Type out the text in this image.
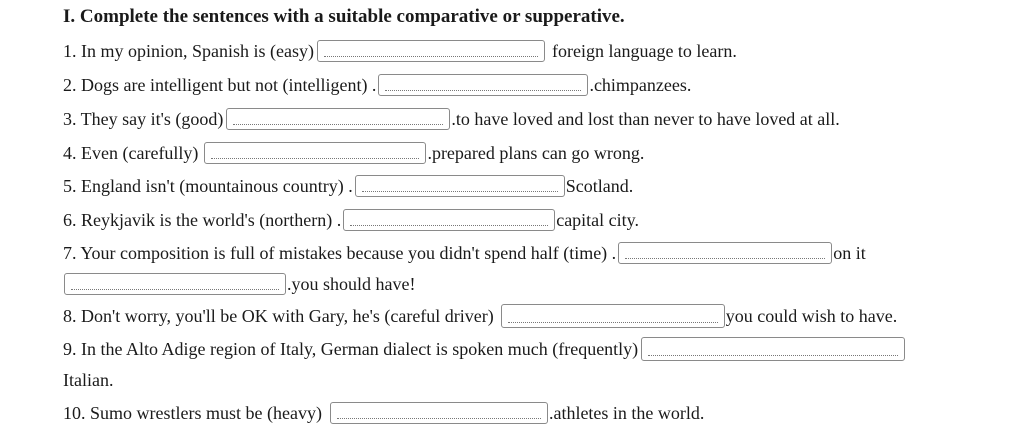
I. Complete the sentences with a suitable comparative or supperative.
1. In my opinion, Spanish is (easy)	foreign language to learn.
2. Dogs are intelligent but not (intelligent) .	.chimpanzees.
3. They say it's (good)	.to have loved and lost than never to have loved at all.
4. Even (carefully)	.prepared plans can go wrong.
5. England isn't (mountainous country) .	Scotland.
6. Reykjavik is the world's (northern) .	capital city.
7. Your composition is full of mistakes because you didn't spend half (time) .	on it
.you should have!
8. Don't worry, you'll be OK with Gary, he's (careful driver)	you could wish to have.
9. In the Alto Adige region of Italy, German dialect is spoken much (frequently)
Italian.
10. Sumo wrestlers must be (heavy)	.athletes in the world.
